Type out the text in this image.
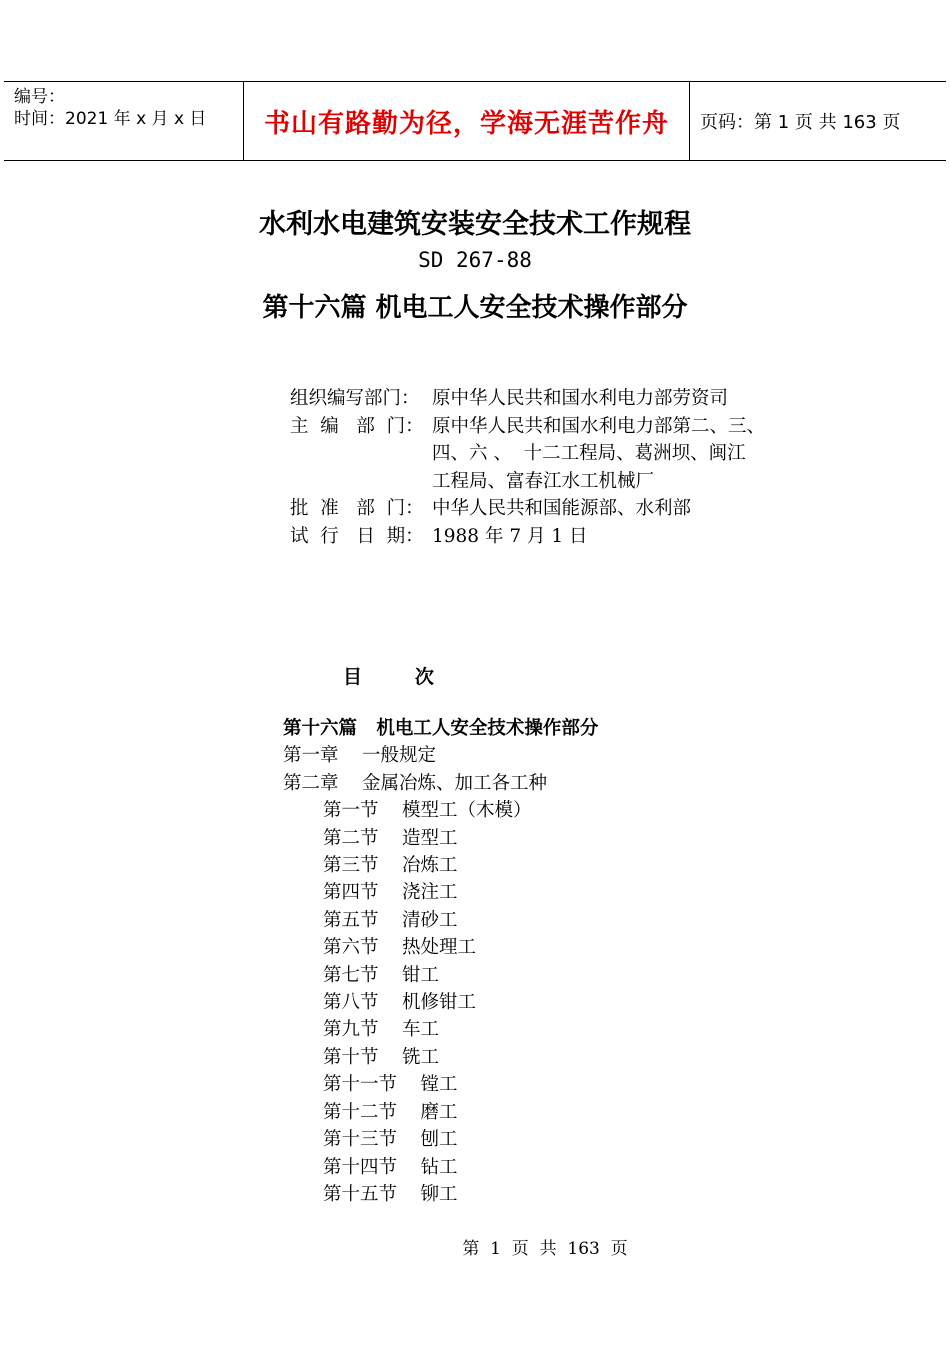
编号：
时间：2021 年 x 月 x 日	书山有路勤为径，学海无涯苦作舟 页码：第 1 页 共 163 页
水利水电建筑安装安全技术工作规程
SD 267-88
第十六篇 机电工人安全技术操作部分
组织编写部门： 原中华人民共和国水利电力部劳资司
主  编   部  门： 原中华人民共和国水利电力部第二、三、
四、六 、  十二工程局、葛洲坝、闽江
工程局、富春江水工机械厂
批  准   部  门： 中华人民共和国能源部、水利部
试  行   日  期： 1988 年 7 月 1 日
目        次
第十六篇   机电工人安全技术操作部分
第一章    一般规定
第二章    金属冶炼、加工各工种
第一节    模型工（木模）
第二节    造型工
第三节    冶炼工
第四节    浇注工
第五节    清砂工
第六节    热处理工
第七节    钳工
第八节    机修钳工
第九节    车工
第十节    铣工
第十一节    镗工
第十二节    磨工
第十三节    刨工
第十四节    钻工
第十五节    铆工
第  1  页  共  163  页
